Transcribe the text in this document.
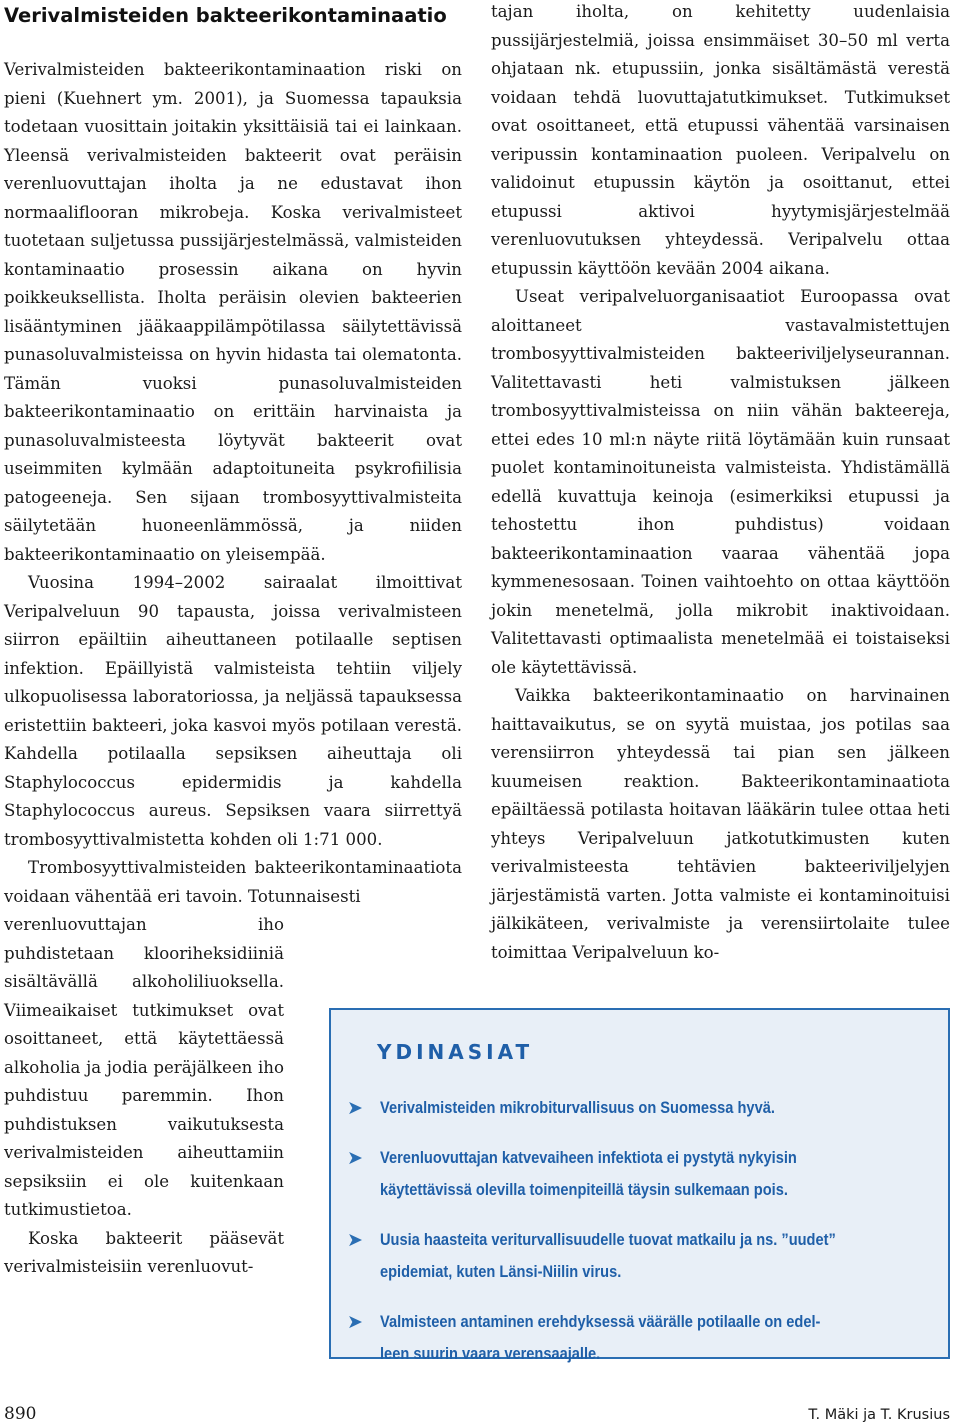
Verivalmisteiden bakteerikontaminaatio

Verivalmisteiden bakteerikontaminaation riski on pieni (Kuehnert ym. 2001), ja Suomessa tapauksia todetaan vuosittain joitakin yksittäisiä tai ei lainkaan. Yleensä verivalmisteiden bakteerit ovat peräisin verenluovuttajan iholta ja ne edustavat ihon normaaliflooran mikrobeja. Koska verivalmisteet tuotetaan suljetussa pussijärjestelmässä, valmisteiden kontaminaatio prosessin aikana on hyvin poikkeuksellista. Iholta peräisin olevien bakteerien lisääntyminen jääkaappilämpötilassa säilytettävissä punasoluvalmisteissa on hyvin hidasta tai olematonta. Tämän vuoksi punasoluvalmisteiden bakteerikontaminaatio on erittäin harvinaista ja punasoluvalmisteesta löytyvät bakteerit ovat useimmiten kylmään adaptoituneita psykrofiilisia patogeeneja. Sen sijaan trombosyyttivalmisteita säilytetään huoneenlämmössä, ja niiden bakteerikontaminaatio on yleisempää.

Vuosina 1994–2002 sairaalat ilmoittivat Veripalveluun 90 tapausta, joissa verivalmisteen siirron epäiltiin aiheuttaneen potilaalle septisen infektion. Epäillyistä valmisteista tehtiin viljely ulkopuolisessa laboratoriossa, ja neljässä tapauksessa eristettiin bakteeri, joka kasvoi myös potilaan verestä. Kahdella potilaalla sepsiksen aiheuttaja oli Staphylococcus epidermidis ja kahdella Staphylococcus aureus. Sepsiksen vaara siirrettyä trombosyyttivalmistetta kohden oli 1:71 000.

Trombosyyttivalmisteiden bakteerikontaminaatiota voidaan vähentää eri tavoin. Totunnaisesti

verenluovuttajan iho puhdistetaan klooriheksidiiniä sisältävällä alkoholiliuoksella. Viimeaikaiset tutkimukset ovat osoittaneet, että käytettäessä alkoholia ja jodia peräjälkeen iho puhdistuu paremmin. Ihon puhdistuksen vaikutuksesta verivalmisteiden aiheuttamiin sepsiksiin ei ole kuitenkaan tutkimustietoa.

Koska bakteerit pääsevät verivalmisteisiin verenluovut-

tajan iholta, on kehitetty uudenlaisia pussijärjestelmiä, joissa ensimmäiset 30–50 ml verta ohjataan nk. etupussiin, jonka sisältämästä verestä voidaan tehdä luovuttajatutkimukset. Tutkimukset ovat osoittaneet, että etupussi vähentää varsinaisen veripussin kontaminaation puoleen. Veripalvelu on validoinut etupussin käytön ja osoittanut, ettei etupussi aktivoi hyytymisjärjestelmää verenluovutuksen yhteydessä. Veripalvelu ottaa etupussin käyttöön kevään 2004 aikana.

Useat veripalveluorganisaatiot Euroopassa ovat aloittaneet vastavalmistettujen trombosyyttivalmisteiden bakteeriviljelyseurannan. Valitettavasti heti valmistuksen jälkeen trombosyyttivalmisteissa on niin vähän bakteereja, ettei edes 10 ml:n näyte riitä löytämään kuin runsaat puolet kontaminoituneista valmisteista. Yhdistämällä edellä kuvattuja keinoja (esimerkiksi etupussi ja tehostettu ihon puhdistus) voidaan bakteerikontaminaation vaaraa vähentää jopa kymmenesosaan. Toinen vaihtoehto on ottaa käyttöön jokin menetelmä, jolla mikrobit inaktivoidaan. Valitettavasti optimaalista menetelmää ei toistaiseksi ole käytettävissä.

Vaikka bakteerikontaminaatio on harvinainen haittavaikutus, se on syytä muistaa, jos potilas saa verensiirron yhteydessä tai pian sen jälkeen kuumeisen reaktion. Bakteerikontaminaatiota epäiltäessä potilasta hoitavan lääkärin tulee ottaa heti yhteys Veripalveluun jatkotutkimusten kuten verivalmisteesta tehtävien bakteeriviljelyjen järjestämistä varten. Jotta valmiste ei kontaminoituisi jälkikäteen, verivalmiste ja verensiirtolaite tulee toimittaa Veripalveluun ko-

YDINASIAT
➤	Verivalmisteiden mikrobiturvallisuus on Suomessa hyvä.
➤	Verenluovuttajan katvevaiheen infektiota ei pystytä nykyisin
käytettävissä olevilla toimenpiteillä täysin sulkemaan pois.
➤	Uusia haasteita veriturvallisuudelle tuovat matkailu ja ns. ”uudet”
epidemiat, kuten Länsi-Niilin virus.
➤	Valmisteen antaminen erehdyksessä väärälle potilaalle on edel-
leen suurin vaara verensaajalle.
890	T. Mäki ja T. Krusius
